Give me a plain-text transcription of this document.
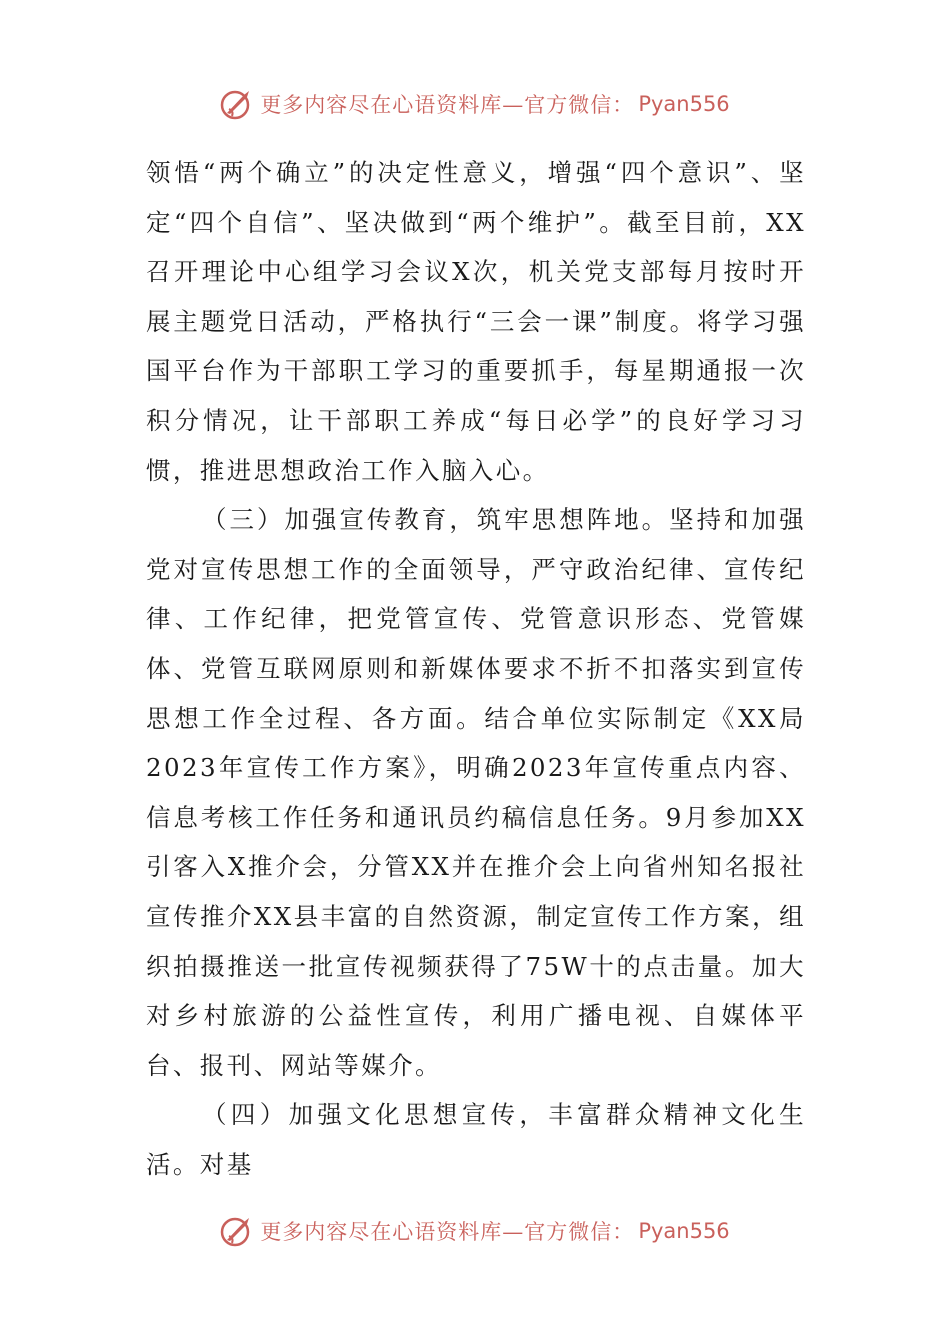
更多内容尽在心语资料库—官方微信： Pyan556

领悟“两个确立”的决定性意义，增强“四个意识”、坚定“四个自信”、坚决做到“两个维护”。截至目前，XX召开理论中心组学习会议X次，机关党支部每月按时开展主题党日活动，严格执行“三会一课”制度。将学习强国平台作为干部职工学习的重要抓手，每星期通报一次积分情况，让干部职工养成“每日必学”的良好学习习惯，推进思想政治工作入脑入心。

（三）加强宣传教育，筑牢思想阵地。坚持和加强党对宣传思想工作的全面领导，严守政治纪律、宣传纪律、工作纪律，把党管宣传、党管意识形态、党管媒体、党管互联网原则和新媒体要求不折不扣落实到宣传思想工作全过程、各方面。结合单位实际制定《XX局2023年宣传工作方案》，明确2023年宣传重点内容、信息考核工作任务和通讯员约稿信息任务。9月参加XX引客入X推介会，分管XX并在推介会上向省州知名报社宣传推介XX县丰富的自然资源，制定宣传工作方案，组织拍摄推送一批宣传视频获得了75W十的点击量。加大对乡村旅游的公益性宣传，利用广播电视、自媒体平台、报刊、网站等媒介。

（四）加强文化思想宣传，丰富群众精神文化生活。对基

更多内容尽在心语资料库—官方微信： Pyan556
